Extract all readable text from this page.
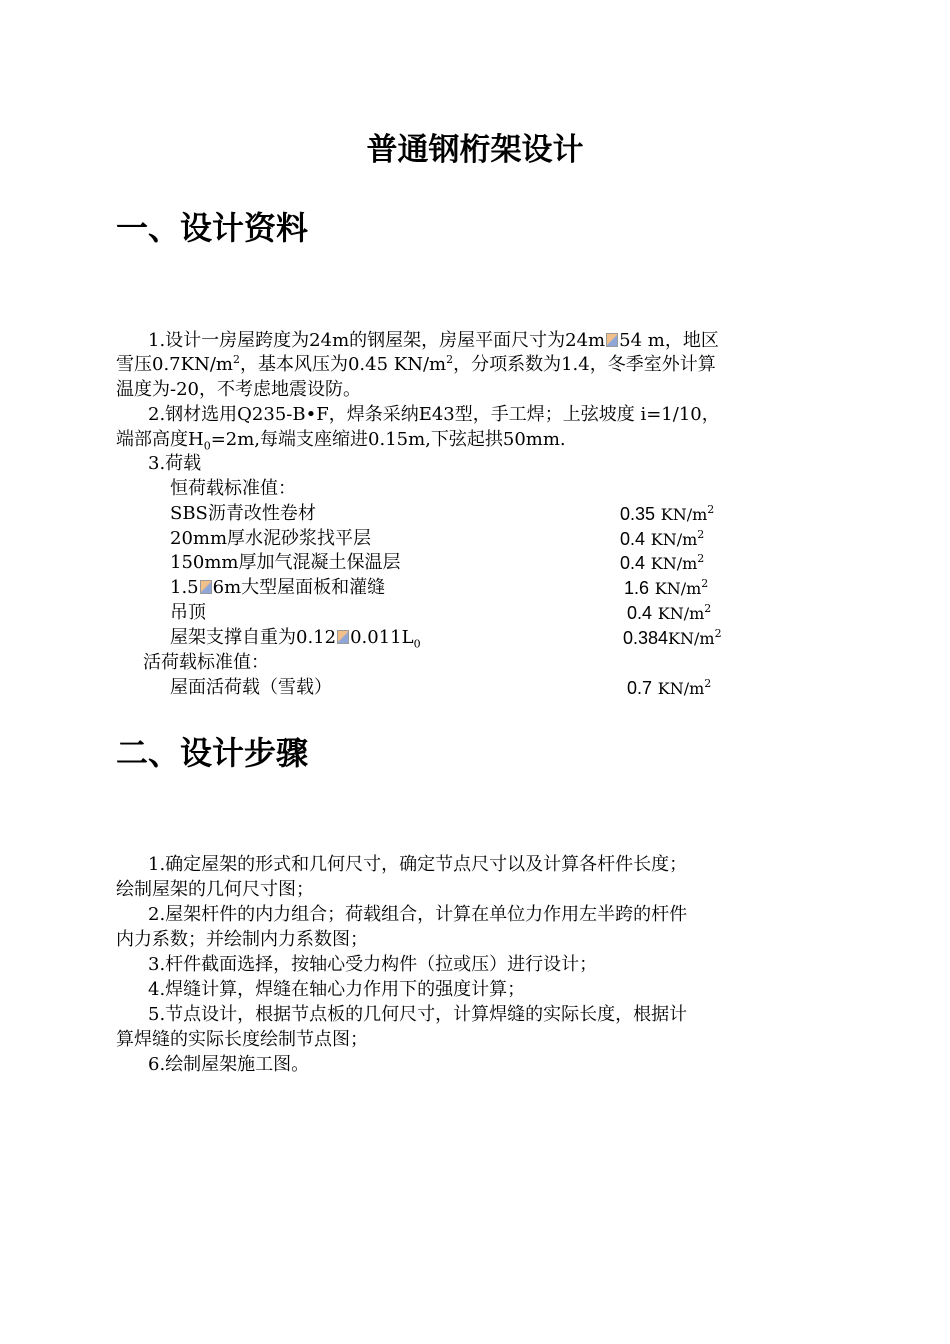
普通钢桁架设计
一、设计资料
1.设计一房屋跨度为24m的钢屋架，房屋平面尺寸为24m 54 m，地区
雪压$0.7KN/m^2$，基本风压为0.45 $KN/m^2$，分项系数为1.4，冬季室外计算
温度为-20，不考虑地震设防。
2.钢材选用Q235-B•F，焊条采纳E43型，手工焊；上弦坡度 i=1/10，
端部高度$H_0=2m$,每端支座缩进0.15m,下弦起拱50mm.
3.荷载
恒荷载标准值：
SBS沥青改性卷材	0.35 $KN/m^2$
20mm厚水泥砂浆找平层	0.4 $KN/m^2$
150mm厚加气混凝土保温层	0.4 $KN/m^2$
1.5 6m大型屋面板和灌缝	1.6 $KN/m^2$
吊顶	0.4 $KN/m^2$
屋架支撑自重为0.12 $0.011L_0$	$0.384KN/m^2$
活荷载标准值：
屋面活荷载（雪载）	0.7 $KN/m^2$
二、设计步骤
1.确定屋架的形式和几何尺寸，确定节点尺寸以及计算各杆件长度；
绘制屋架的几何尺寸图；
2.屋架杆件的内力组合；荷载组合，计算在单位力作用左半跨的杆件
内力系数；并绘制内力系数图；
3.杆件截面选择，按轴心受力构件（拉或压）进行设计；
4.焊缝计算，焊缝在轴心力作用下的强度计算；
5.节点设计，根据节点板的几何尺寸，计算焊缝的实际长度，根据计
算焊缝的实际长度绘制节点图；
6.绘制屋架施工图。
